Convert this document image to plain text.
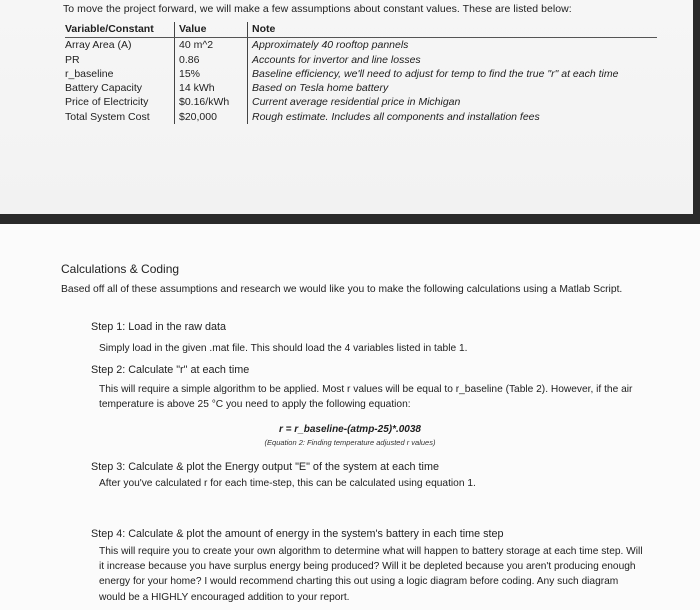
To move the project forward, we will make a few assumptions about constant values. These are listed below:
Variable/Constant	Value	Note
Array Area (A)	40 m^2	Approximately 40 rooftop pannels
PR	0.86	Accounts for invertor and line losses
r_baseline	15%	Baseline efficiency, we'll need to adjust for temp to find the true "r" at each time
Battery Capacity	14 kWh	Based on Tesla home battery
Price of Electricity	$0.16/kWh	Current average residential price in Michigan
Total System Cost	$20,000	Rough estimate. Includes all components and installation fees
Calculations & Coding
Based off all of these assumptions and research we would like you to make the following calculations using a Matlab Script.
Step 1: Load in the raw data
Simply load in the given .mat file. This should load the 4 variables listed in table 1.
Step 2: Calculate "r" at each time
This will require a simple algorithm to be applied. Most r values will be equal to r_baseline (Table 2). However, if the air temperature is above 25 °C you need to apply the following equation:
r = r_baseline-(atmp-25)*.0038
(Equation 2: Finding temperature adjusted r values)
Step 3: Calculate & plot the Energy output "E" of the system at each time
After you've calculated r for each time-step, this can be calculated using equation 1.
Step 4: Calculate & plot the amount of energy in the system's battery in each time step
This will require you to create your own algorithm to determine what will happen to battery storage at each time step. Will it increase because you have surplus energy being produced? Will it be depleted because you aren't producing enough energy for your home? I would recommend charting this out using a logic diagram before coding. Any such diagram would be a HIGHLY encouraged addition to your report.
